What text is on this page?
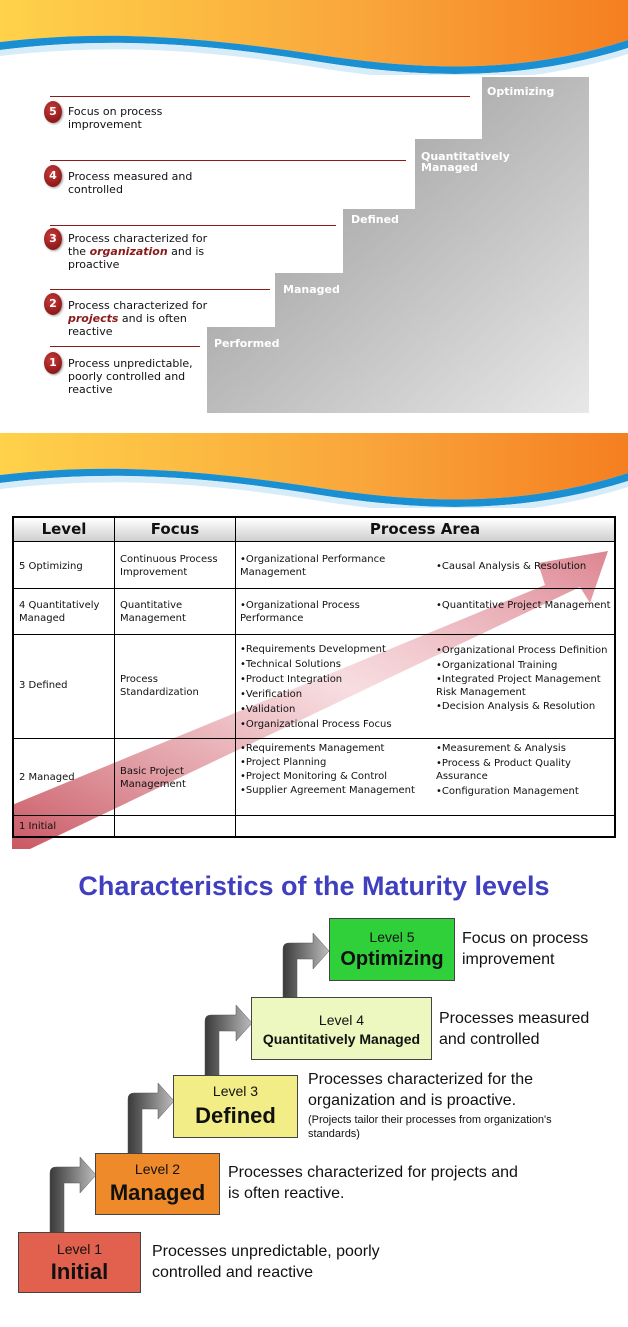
Performed
Managed
Defined
Quantitatively Managed
Optimizing
5
4
3
2
1
Focus on process improvement
Process measured and controlled
Process characterized for the organization and is proactive
Process characterized for projects and is often reactive
Process unpredictable, poorly controlled and reactive
Level	Focus	Process Area
5 Optimizing
Continuous Process Improvement
•Organizational Performance Management
•Causal Analysis & Resolution
4 Quantitatively Managed
Quantitative Management
•Organizational Process Performance
•Quantitative Project Management
3 Defined
Process Standardization
•Requirements Development
•Technical Solutions
•Product Integration
•Verification
•Validation
•Organizational Process Focus
•Organizational Process Definition
•Organizational Training
•Integrated Project Management Risk Management
•Decision Analysis & Resolution
2 Managed
Basic Project Management
•Requirements Management
•Project Planning
•Project Monitoring & Control
•Supplier Agreement Management
•Measurement & Analysis
•Process & Product Quality Assurance
•Configuration Management
1 Initial
Characteristics of the Maturity levels
Level 1
Initial
Processes unpredictable, poorly controlled and reactive
Level 2
Managed
Processes characterized for projects and is often reactive.
Level 3
Defined
Processes characterized for the organization and is proactive.
(Projects tailor their processes from organization's standards)
Level 4
Quantitatively Managed
Processes measured and controlled
Level 5
Optimizing
Focus on process improvement
